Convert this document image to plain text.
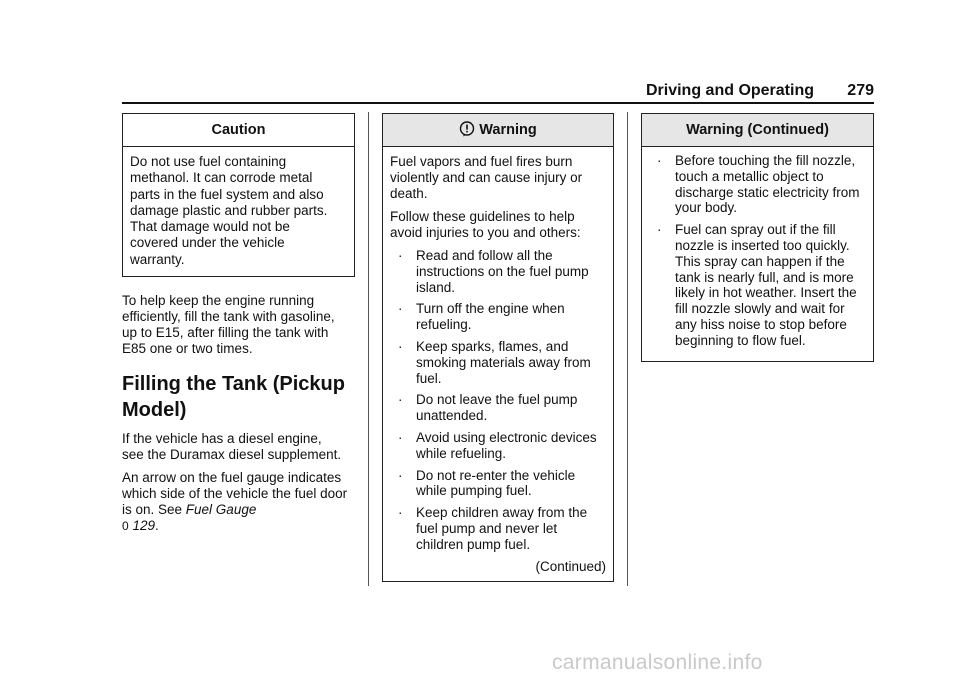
Driving and Operating 279
Caution

Do not use fuel containing

methanol. It can corrode metal

parts in the fuel system and also

damage plastic and rubber parts.

That damage would not be

covered under the vehicle

warranty.

To help keep the engine running efficiently, fill the tank with gasoline, up to E15, after filling the tank with E85 one or two times.

Filling the Tank (Pickup Model)

If the vehicle has a diesel engine, see the Duramax diesel supplement.

An arrow on the fuel gauge indicates which side of the vehicle the fuel door is on. See Fuel Gauge
0 129.

Warning

Fuel vapors and fuel fires burn violently and can cause injury or death.

Follow these guidelines to help avoid injuries to you and others:

· Read and follow all the instructions on the fuel pump island.
· Turn off the engine when refueling.
· Keep sparks, flames, and smoking materials away from fuel.
· Do not leave the fuel pump unattended.
· Avoid using electronic devices while refueling.
· Do not re-enter the vehicle while pumping fuel.
· Keep children away from the fuel pump and never let children pump fuel.
(Continued)
Warning (Continued)
· Before touching the fill nozzle, touch a metallic object to discharge static electricity from your body.
· Fuel can spray out if the fill nozzle is inserted too quickly. This spray can happen if the tank is nearly full, and is more likely in hot weather. Insert the fill nozzle slowly and wait for any hiss noise to stop before beginning to flow fuel.
carmanualsonline.info
